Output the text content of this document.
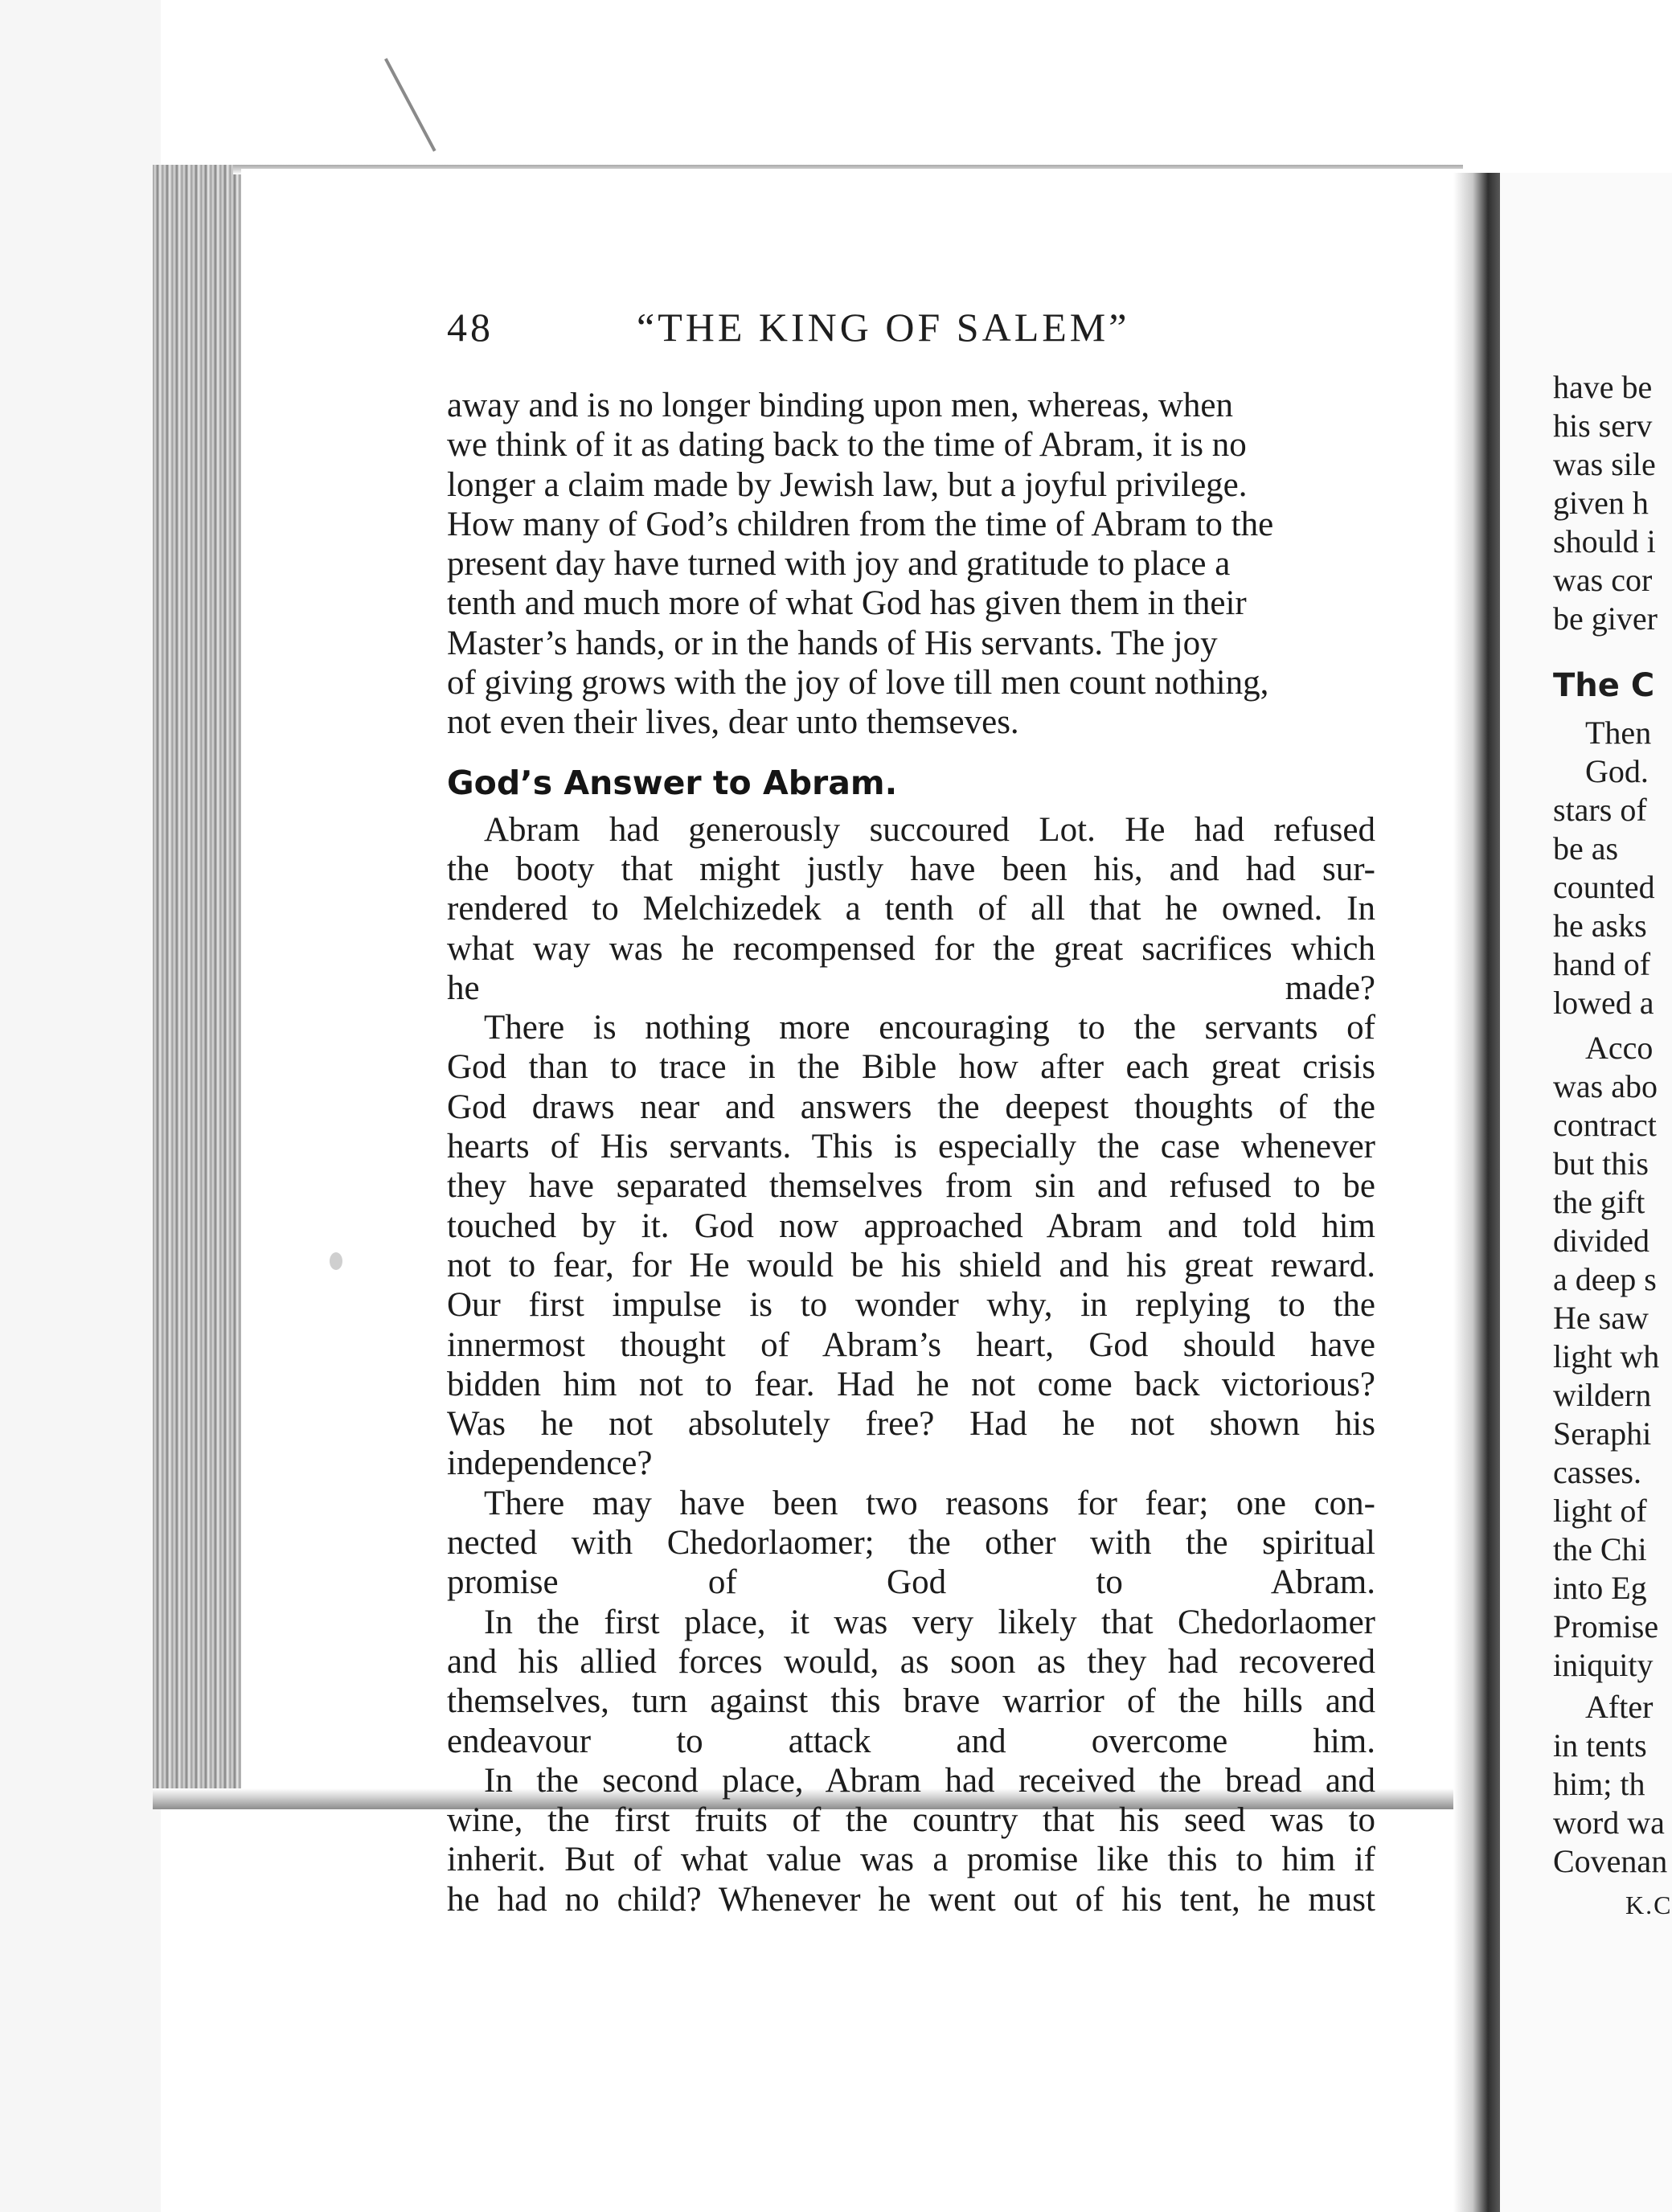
48	“THE KING OF SALEM”

away and is no longer binding upon men, whereas, when
we think of it as dating back to the time of Abram, it is no
longer a claim made by Jewish law, but a joyful privilege.
How many of God’s children from the time of Abram to the
present day have turned with joy and gratitude to place a
tenth and much more of what God has given them in their
Master’s hands, or in the hands of His servants. The joy
of giving grows with the joy of love till men count nothing,
not even their lives, dear unto themseves.

God’s Answer to Abram.

Abram had generously succoured Lot. He had refused
the booty that might justly have been his, and had sur-
rendered to Melchizedek a tenth of all that he owned. In
what way was he recompensed for the great sacrifices which
he made?

There is nothing more encouraging to the servants of
God than to trace in the Bible how after each great crisis
God draws near and answers the deepest thoughts of the
hearts of His servants. This is especially the case whenever
they have separated themselves from sin and refused to be
touched by it. God now approached Abram and told him
not to fear, for He would be his shield and his great reward.
Our first impulse is to wonder why, in replying to the
innermost thought of Abram’s heart, God should have
bidden him not to fear. Had he not come back victorious?
Was he not absolutely free? Had he not shown his
independence?

There may have been two reasons for fear; one con-
nected with Chedorlaomer; the other with the spiritual
promise of God to Abram.

In the first place, it was very likely that Chedorlaomer
and his allied forces would, as soon as they had recovered
themselves, turn against this brave warrior of the hills and
endeavour to attack and overcome him.

In the second place, Abram had received the bread and
wine, the first fruits of the country that his seed was to
inherit. But of what value was a promise like this to him if
he had no child? Whenever he went out of his tent, he must

have be
his serv
was sile
given h
should i
was cor
be giver
The C
Then
God.
stars of
be as
counted
he asks
hand of
lowed a
Acco
was abo
contract
but this
the gift
divided
a deep s
He saw
light wh
wildern
Seraphi
casses.
light of
the Chi
into Eg
Promise
iniquity
After
in tents
him; th
word wa
Covenan
K.C
